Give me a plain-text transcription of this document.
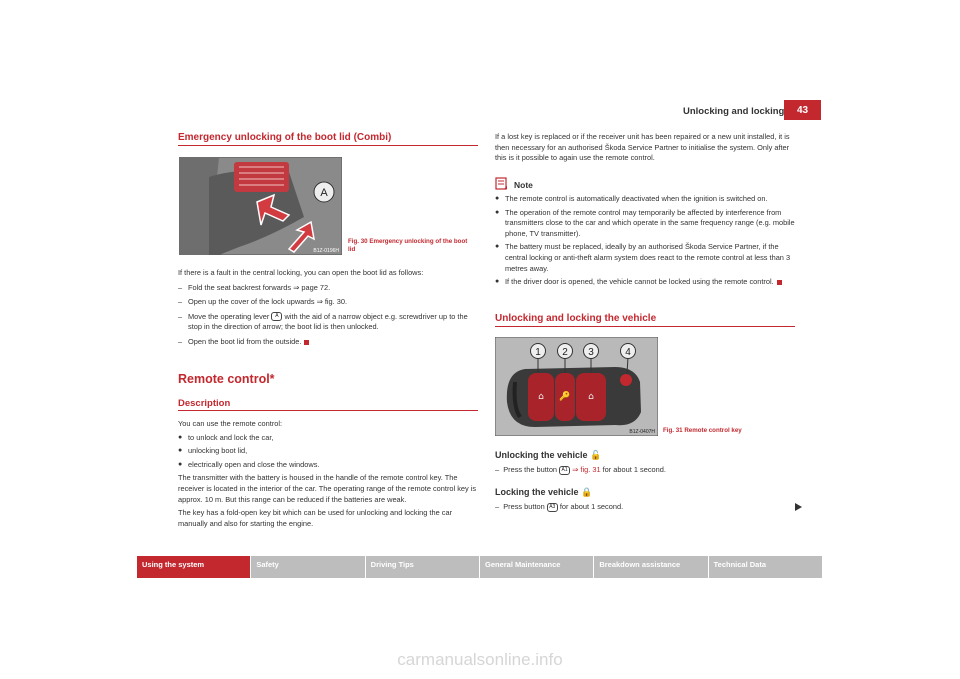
Unlocking and locking	43
Emergency unlocking of the boot lid (Combi)
A
B1Z-0196H
Fig. 30 Emergency unlocking of the boot lid
If there is a fault in the central locking, you can open the boot lid as follows:
– Fold the seat backrest forwards ⇒ page 72.
– Open up the cover of the lock upwards ⇒ fig. 30.
– Move the operating lever A with the aid of a narrow object e.g. screwdriver up to the stop in the direction of arrow; the boot lid is then unlocked.
– Open the boot lid from the outside.
Remote control*
Description
You can use the remote control:
● to unlock and lock the car,
● unlocking boot lid,
● electrically open and close the windows.
The transmitter with the battery is housed in the handle of the remote control key. The receiver is located in the interior of the car. The operating range of the remote control key is approx. 10 m. But this range can be reduced if the batteries are weak.
The key has a fold-open key bit which can be used for unlocking and locking the car manually and also for starting the engine.
If a lost key is replaced or if the receiver unit has been repaired or a new unit installed, it is then necessary for an authorised Škoda Service Partner to initialise the system. Only after this is it possible to again use the remote control.
Note
● The remote control is automatically deactivated when the ignition is switched on.
● The operation of the remote control may temporarily be affected by interference from transmitters close to the car and which operate in the same frequency range (e.g. mobile phone, TV transmitter).
● The battery must be replaced, ideally by an authorised Škoda Service Partner, if the central locking or anti-theft alarm system does react to the remote control at less than 3 metres away.
● If the driver door is opened, the vehicle cannot be locked using the remote control.
Unlocking and locking the vehicle
⌂ 🔑 ⌂
1 2 3	4
B1Z-0407H Fig. 31 Remote control key
Unlocking the vehicle 🔓
–  Press the button A1 ⇒ fig. 31 for about 1 second.
Locking the vehicle 🔒
–  Press button A3 for about 1 second.
Using the system	Safety	Driving Tips	General Maintenance	Breakdown assistance	Technical Data
carmanualsonline.info
